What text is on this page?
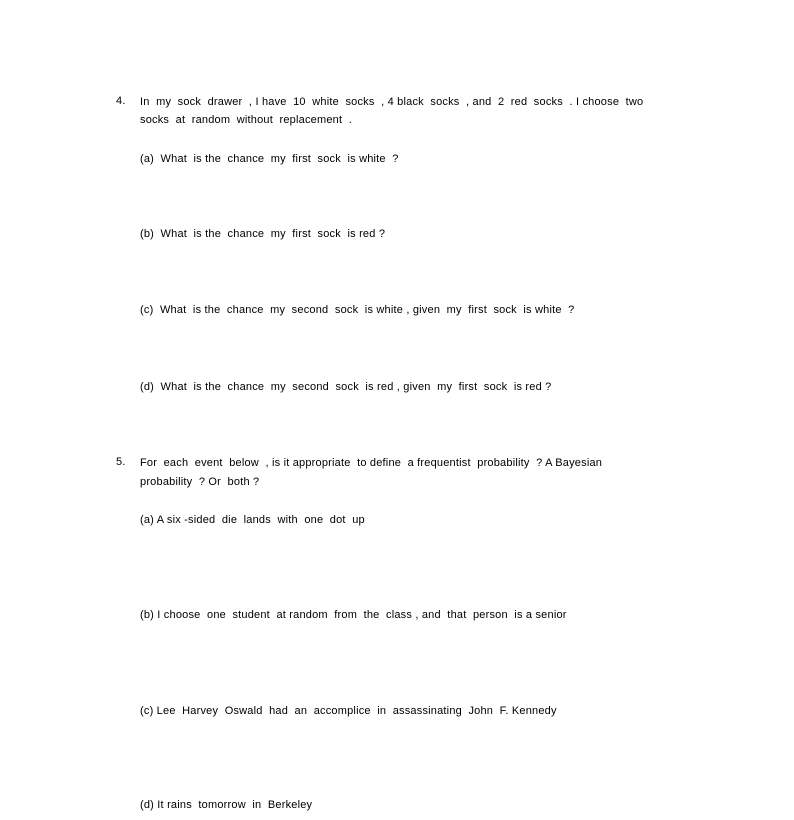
4. In  my  sock  drawer  , I have  10  white  socks  , 4 black  socks  , and  2  red  socks  . I choose  two
socks  at  random  without  replacement  .
(a)  What  is the  chance  my  first  sock  is white  ?
(b)  What  is the  chance  my  first  sock  is red ?
(c)  What  is the  chance  my  second  sock  is white , given  my  first  sock  is white  ?
(d)  What  is the  chance  my  second  sock  is red , given  my  first  sock  is red ?
5. For  each  event  below  , is it appropriate  to define  a frequentist  probability  ? A Bayesian
probability  ? Or  both ?
(a) A six -sided  die  lands  with  one  dot  up
(b) I choose  one  student  at random  from  the  class , and  that  person  is a senior
(c) Lee  Harvey  Oswald  had  an  accomplice  in  assassinating  John  F. Kennedy
(d) It rains  tomorrow  in  Berkeley
